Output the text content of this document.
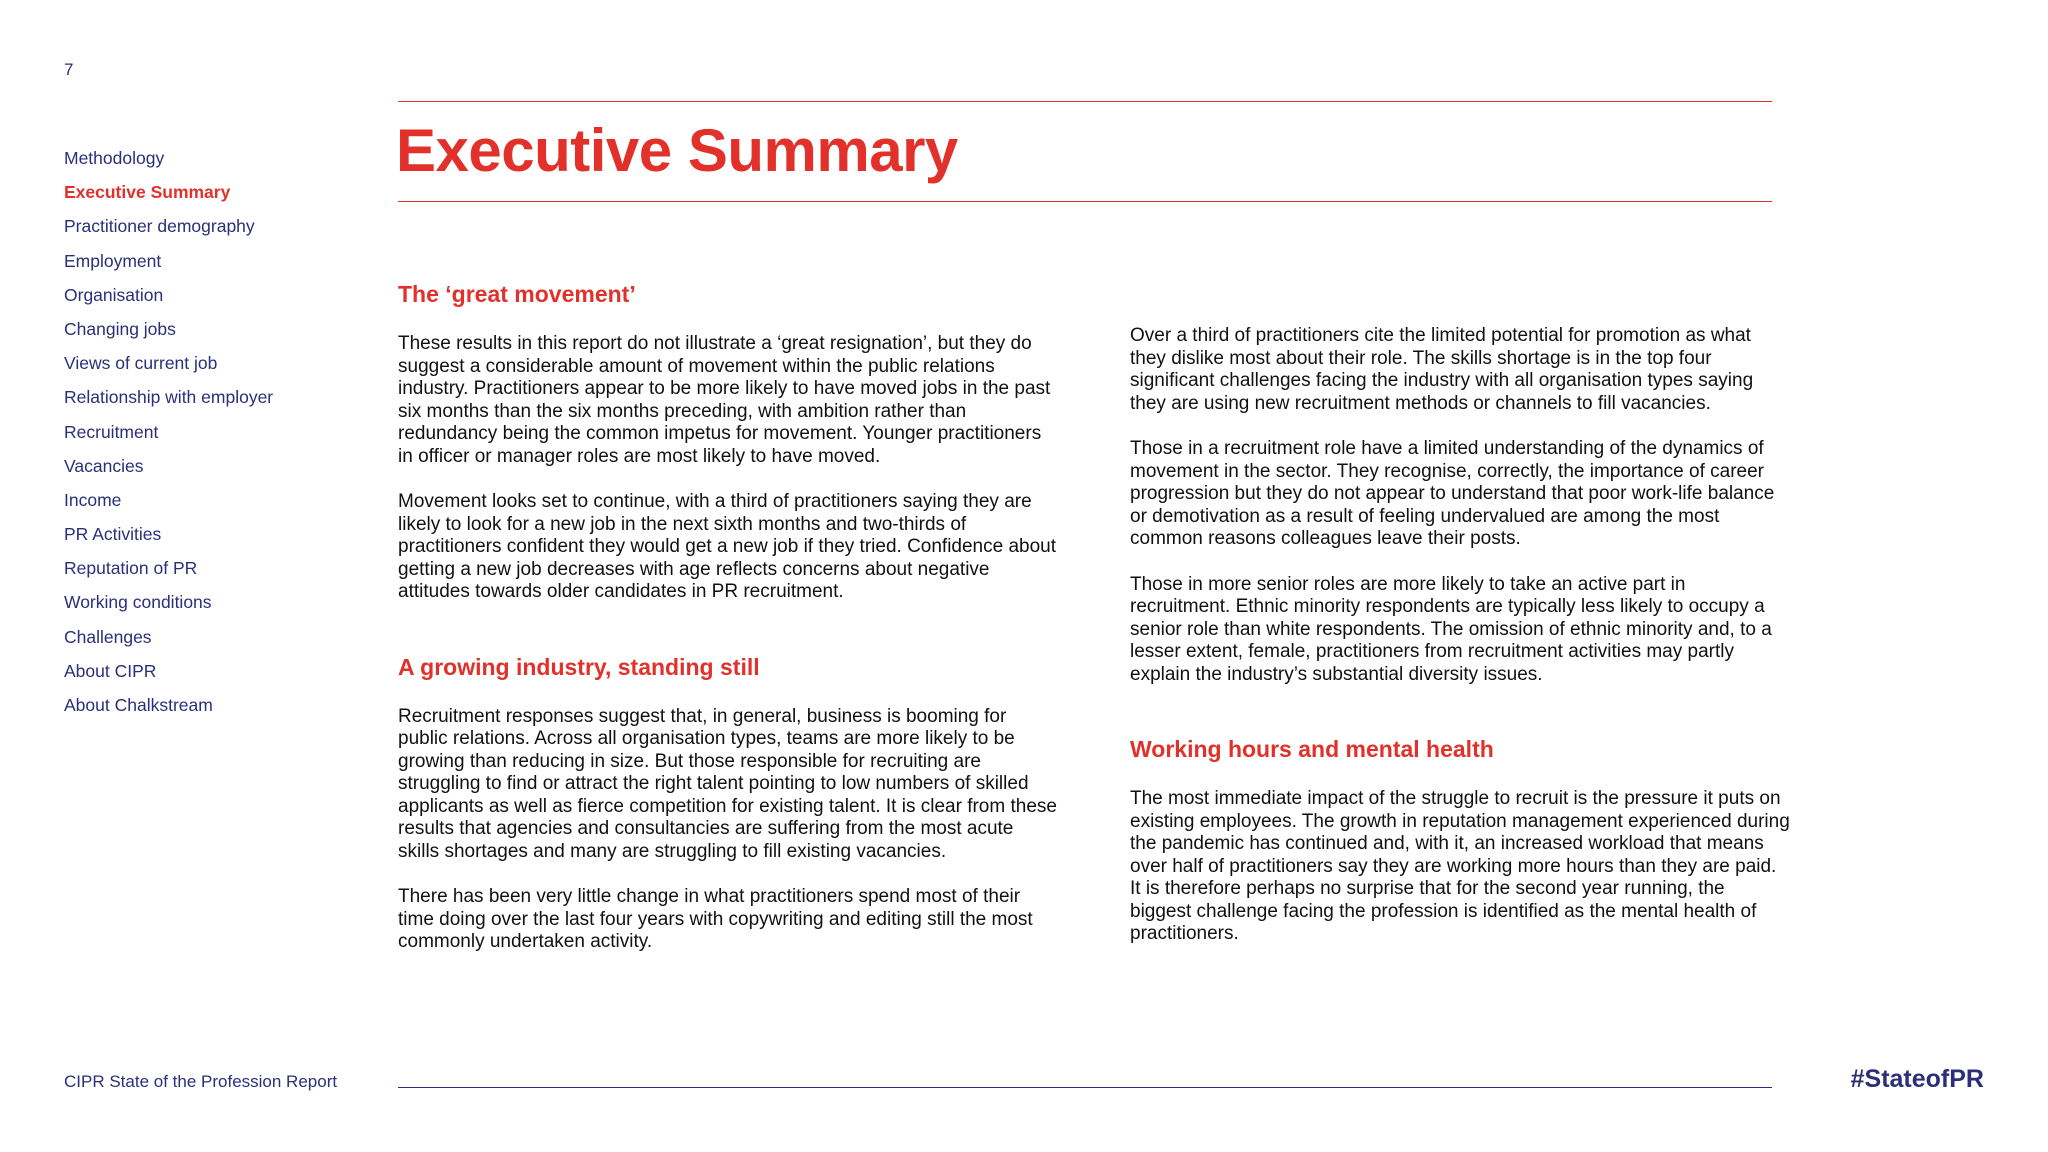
7
Methodology
Executive Summary
Practitioner demography
Employment
Organisation
Changing jobs
Views of current job
Relationship with employer
Recruitment
Vacancies
Income
PR Activities
Reputation of PR
Working conditions
Challenges
About CIPR
About Chalkstream
Executive Summary
The ‘great movement’

These results in this report do not illustrate a ‘great resignation’, but they do suggest a considerable amount of movement within the public relations industry. Practitioners appear to be more likely to have moved jobs in the past six months than the six months preceding, with ambition rather than redundancy being the common impetus for movement. Younger practitioners in officer or manager roles are most likely to have moved.

Movement looks set to continue, with a third of practitioners saying they are likely to look for a new job in the next sixth months and two-thirds of practitioners confident they would get a new job if they tried. Confidence about getting a new job decreases with age reflects concerns about negative attitudes towards older candidates in PR recruitment.

A growing industry, standing still

Recruitment responses suggest that, in general, business is booming for public relations. Across all organisation types, teams are more likely to be growing than reducing in size. But those responsible for recruiting are struggling to find or attract the right talent pointing to low numbers of skilled applicants as well as fierce competition for existing talent. It is clear from these results that agencies and consultancies are suffering from the most acute skills shortages and many are struggling to fill existing vacancies.

There has been very little change in what practitioners spend most of their time doing over the last four years with copywriting and editing still the most commonly undertaken activity.

Over a third of practitioners cite the limited potential for promotion as what they dislike most about their role. The skills shortage is in the top four significant challenges facing the industry with all organisation types saying they are using new recruitment methods or channels to fill vacancies.

Those in a recruitment role have a limited understanding of the dynamics of movement in the sector. They recognise, correctly, the importance of career progression but they do not appear to understand that poor work-life balance or demotivation as a result of feeling undervalued are among the most common reasons colleagues leave their posts.

Those in more senior roles are more likely to take an active part in recruitment. Ethnic minority respondents are typically less likely to occupy a senior role than white respondents. The omission of ethnic minority and, to a lesser extent, female, practitioners from recruitment activities may partly explain the industry’s substantial diversity issues.

Working hours and mental health

The most immediate impact of the struggle to recruit is the pressure it puts on existing employees. The growth in reputation management experienced during the pandemic has continued and, with it, an increased workload that means over half of practitioners say they are working more hours than they are paid. It is therefore perhaps no surprise that for the second year running, the biggest challenge facing the profession is identified as the mental health of practitioners.

CIPR State of the Profession Report	#StateofPR
